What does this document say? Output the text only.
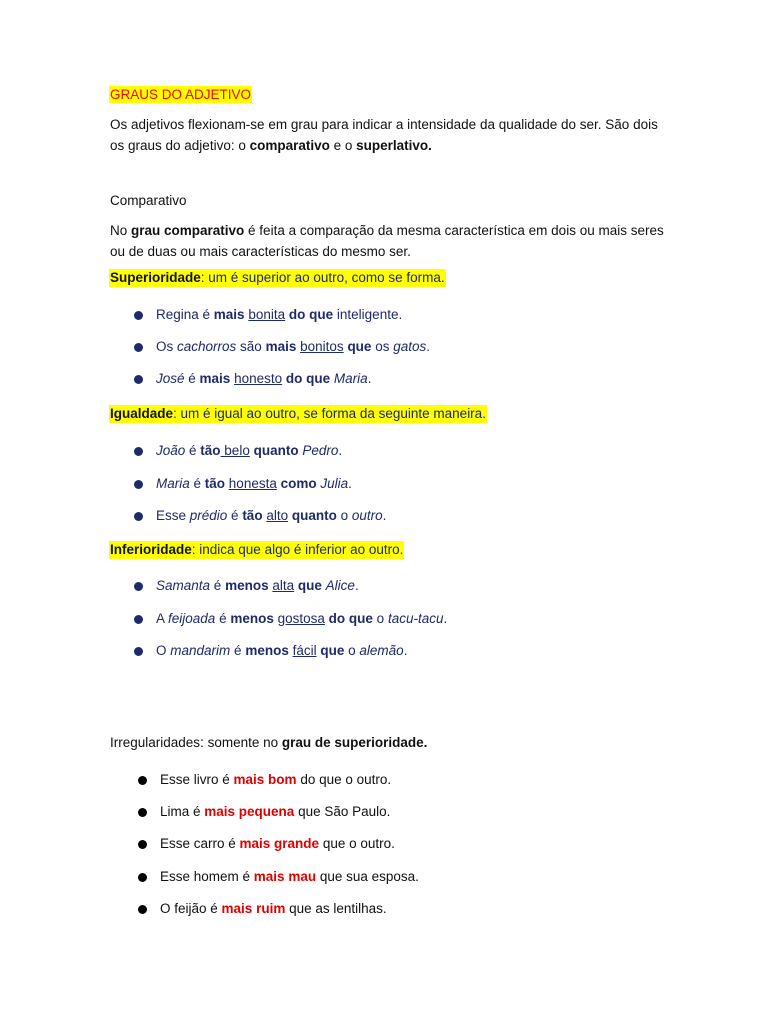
GRAUS DO ADJETIVO
Os adjetivos flexionam-se em grau para indicar a intensidade da qualidade do ser. São dois os graus do adjetivo: o comparativo e o superlativo.
Comparativo
No grau comparativo é feita a comparação da mesma característica em dois ou mais seres ou de duas ou mais características do mesmo ser.
Superioridade: um é superior ao outro, como se forma.
Regina é mais bonita do que inteligente.
Os cachorros são mais bonitos que os gatos.
José é mais honesto do que Maria.
Igualdade: um é igual ao outro, se forma da seguinte maneira.
João é tão belo quanto Pedro.
Maria é tão honesta como Julia.
Esse prédio é tão alto quanto o outro.
Inferioridade: indica que algo é inferior ao outro.
Samanta é menos alta que Alice.
A feijoada é menos gostosa do que o tacu-tacu.
O mandarim é menos fácil que o alemão.
Irregularidades: somente no grau de superioridade.
Esse livro é mais bom do que o outro.
Lima é mais pequena que São Paulo.
Esse carro é mais grande que o outro.
Esse homem é mais mau que sua esposa.
O feijão é mais ruim que as lentilhas.
